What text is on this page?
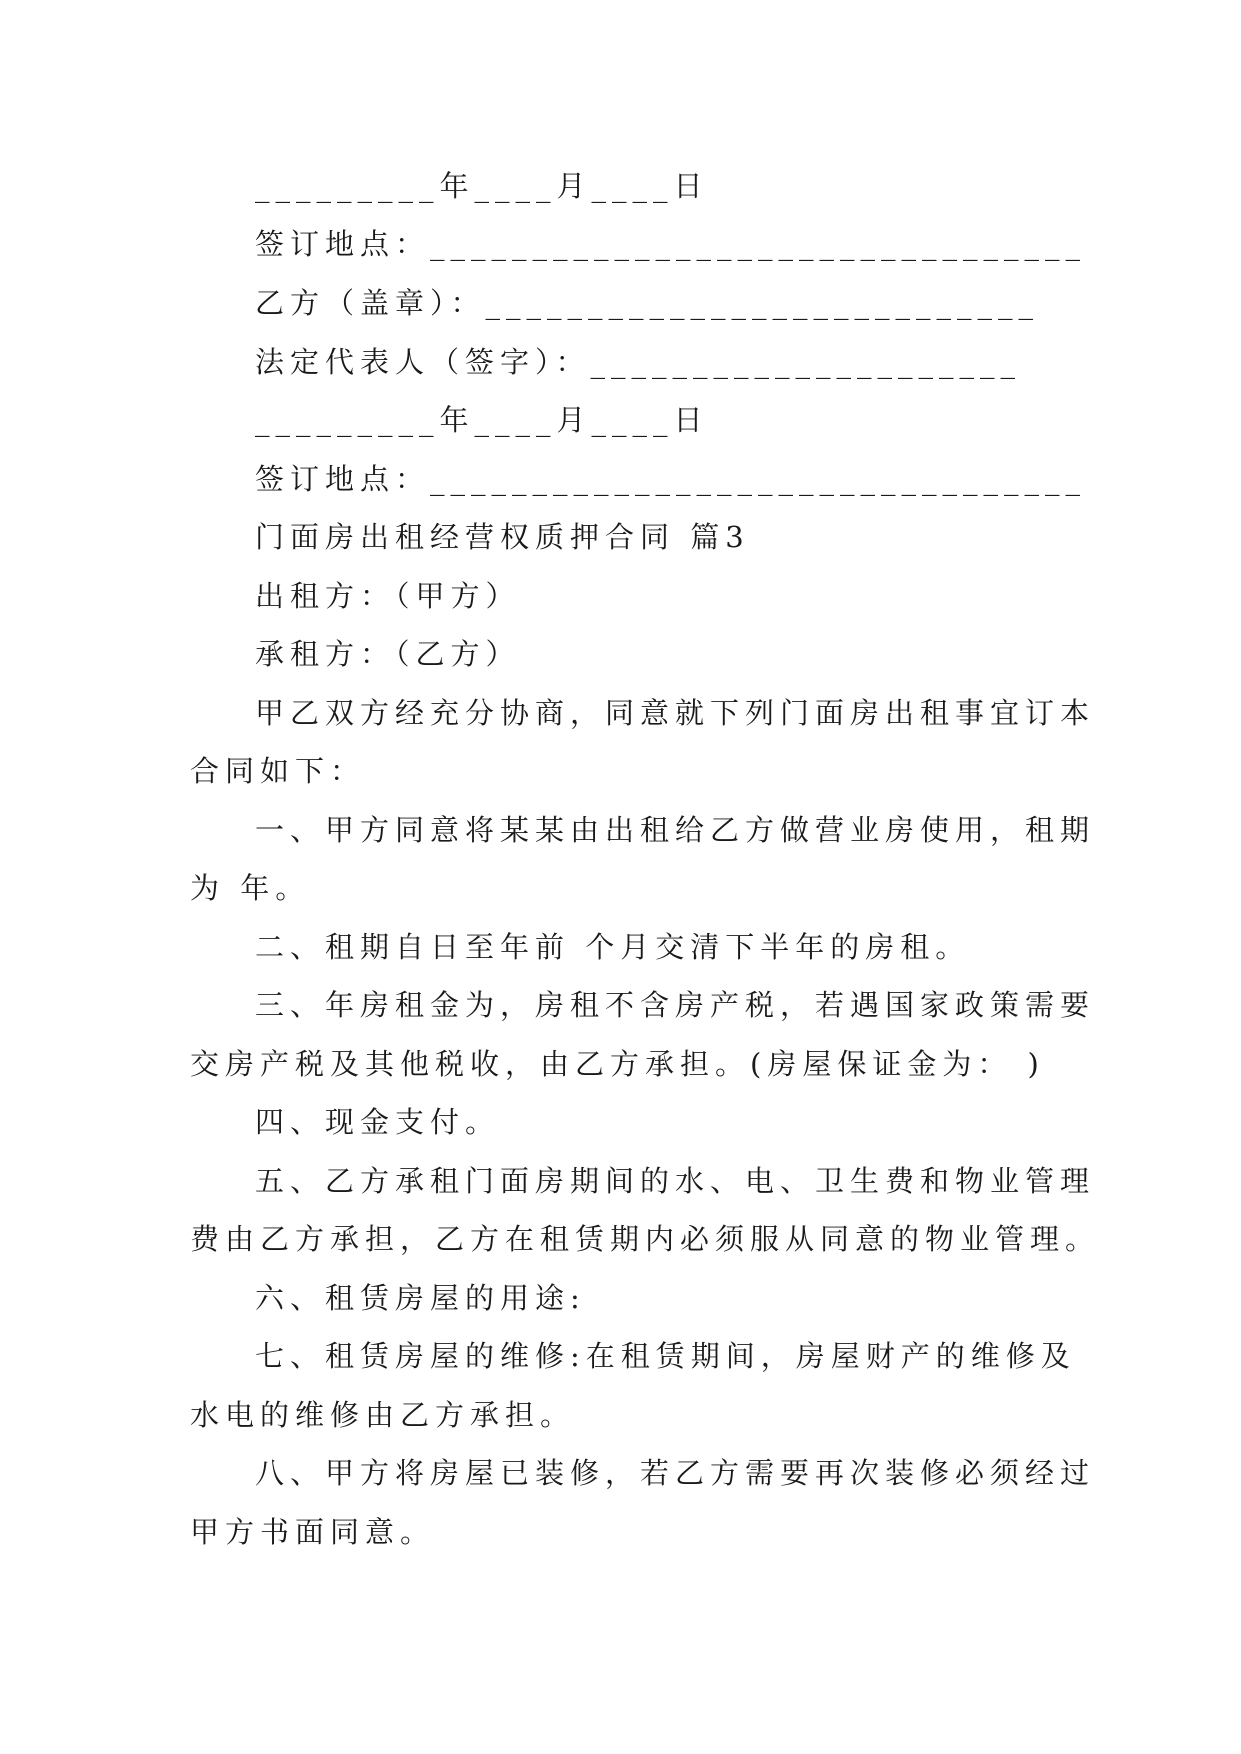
_________年____月____日
签订地点：________________________________
乙方（盖章）：___________________________
法定代表人（签字）：_____________________
_________年____月____日
签订地点：________________________________
门面房出租经营权质押合同 篇3
出租方：（甲方）
承租方：（乙方）
甲乙双方经充分协商，同意就下列门面房出租事宜订本
合同如下：
一、甲方同意将某某由出租给乙方做营业房使用，租期
为 年。
二、租期自日至年前 个月交清下半年的房租。
三、年房租金为，房租不含房产税，若遇国家政策需要
交房产税及其他税收，由乙方承担。(房屋保证金为： )
四、现金支付。
五、乙方承租门面房期间的水、电、卫生费和物业管理
费由乙方承担，乙方在租赁期内必须服从同意的物业管理。
六、租赁房屋的用途:
七、租赁房屋的维修:在租赁期间，房屋财产的维修及
水电的维修由乙方承担。
八、甲方将房屋已装修，若乙方需要再次装修必须经过
甲方书面同意。
